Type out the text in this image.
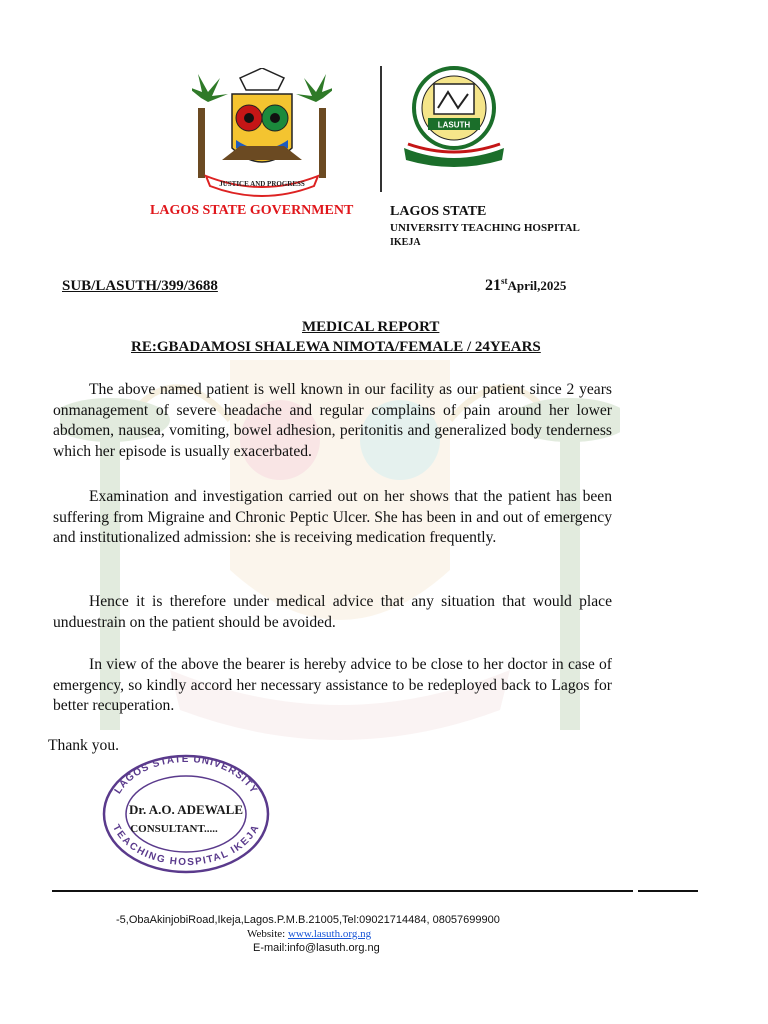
JUSTICE AND PROGRESS
LASUTH
LAGOS STATE GOVERNMENT	LAGOS STATE
UNIVERSITY TEACHING HOSPITAL
IKEJA
SUB/LASUTH/399/3688	21stApril,2025
MEDICAL REPORT
RE:GBADAMOSI SHALEWA NIMOTA/FEMALE / 24YEARS
The above named patient is well known in our facility as our patient since 2 years onmanagement of severe headache and regular complains of pain around her lower abdomen, nausea, vomiting, bowel adhesion, peritonitis and generalized body tenderness which her episode is usually exacerbated.
Examination and investigation carried out on her shows that the patient has been suffering from Migraine and Chronic Peptic Ulcer. She has been in and out of emergency and institutionalized admission: she is receiving medication frequently.
Hence it is therefore under medical advice that any situation that would place unduestrain on the patient should be avoided.
In view of the above the bearer is hereby advice to be close to her doctor in case of emergency, so kindly accord her necessary assistance to be redeployed back to Lagos for better recuperation.
Thank you.
LAGOS STATE UNIVERSITY
TEACHING HOSPITAL IKEJA
Dr. A.O. ADEWALE
CONSULTANT.....
-5,ObaAkinjobiRoad,Ikeja,Lagos.P.M.B.21005,Tel:09021714484, 08057699900
Website: www.lasuth.org.ng
E-mail:info@lasuth.org.ng
